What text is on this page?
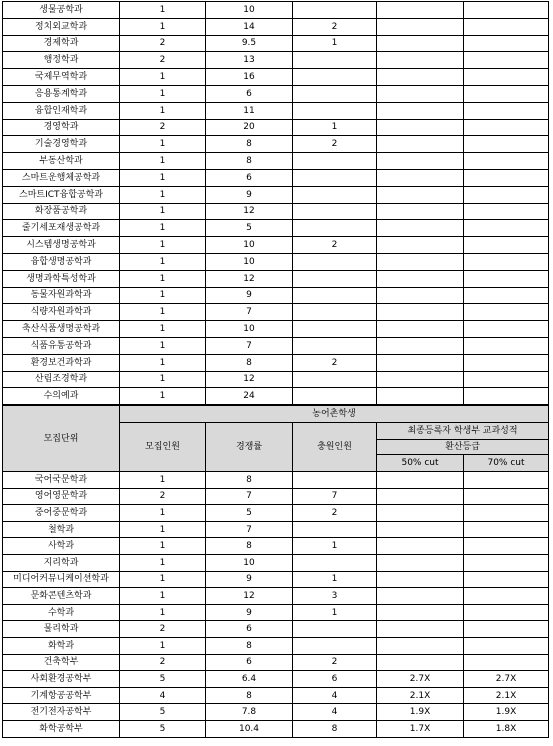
생물공학과	1	10			
정치외교학과	1	14	2		
경제학과	2	9.5	1		
행정학과	2	13			
국제무역학과	1	16			
응용통계학과	1	6			
융합인재학과	1	11			
경영학과	2	20	1		
기술경영학과	1	8	2		
부동산학과	1	8			
스마트운행체공학과	1	6			
스마트ICT융합공학과	1	9			
화장품공학과	1	12			
줄기세포재생공학과	1	5			
시스템생명공학과	1	10	2		
융합생명공학과	1	10			
생명과학특성학과	1	12			
동물자원과학과	1	9			
식량자원과학과	1	7			
축산식품생명공학과	1	10			
식품유통공학과	1	7			
환경보건과학과	1	8	2		
산림조경학과	1	12			
수의예과	1	24			
모집단위	농어촌학생				
	모집인원	경쟁률	충원인원	최종등록자 학생부 교과성적	
				환산등급	
				50% cut	70% cut
국어국문학과	1	8			
영어영문학과	2	7	7		
중어중문학과	1	5	2		
철학과	1	7			
사학과	1	8	1		
지리학과	1	10			
미디어커뮤니케이션학과	1	9	1		
문화콘텐츠학과	1	12	3		
수학과	1	9	1		
물리학과	2	6			
화학과	1	8			
건축학부	2	6	2		
사회환경공학부	5	6.4	6	2.7X	2.7X
기계항공공학부	4	8	4	2.1X	2.1X
전기전자공학부	5	7.8	4	1.9X	1.9X
화학공학부	5	10.4	8	1.7X	1.8X
